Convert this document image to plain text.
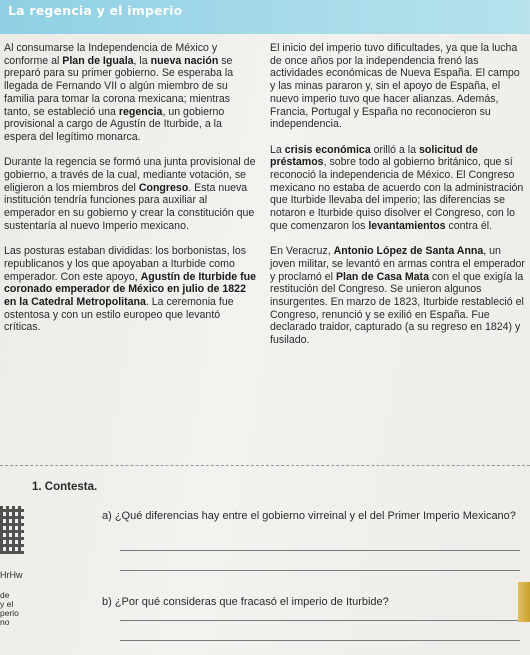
La regencia y el imperio

Al consumarse la Independencia de México y conforme al Plan de Iguala, la nueva nación se preparó para su primer gobierno. Se esperaba la llegada de Fernando VII o algún miembro de su familia para tomar la corona mexicana; mientras tanto, se estableció una regencia, un gobierno provisional a cargo de Agustín de Iturbide, a la espera del legítimo monarca.

Durante la regencia se formó una junta provisional de gobierno, a través de la cual, mediante votación, se eligieron a los miembros del Congreso. Esta nueva institución tendría funciones para auxiliar al emperador en su gobierno y crear la constitución que sustentaría al nuevo Imperio mexicano.

Las posturas estaban divididas: los borbonistas, los republicanos y los que apoyaban a Iturbide como emperador. Con este apoyo, Agustín de Iturbide fue coronado emperador de México en julio de 1822 en la Catedral Metropolitana. La ceremonia fue ostentosa y con un estilo europeo que levantó críticas.

El inicio del imperio tuvo dificultades, ya que la lucha de once años por la independencia frenó las actividades económicas de Nueva España. El campo y las minas pararon y, sin el apoyo de España, el nuevo imperio tuvo que hacer alianzas. Además, Francia, Portugal y España no reconocieron su independencia.

La crisis económica orilló a la solicitud de préstamos, sobre todo al gobierno británico, que sí reconoció la independencia de México. El Congreso mexicano no estaba de acuerdo con la administración que Iturbide llevaba del imperio; las diferencias se notaron e Iturbide quiso disolver el Congreso, con lo que comenzaron los levantamientos contra él.

En Veracruz, Antonio López de Santa Anna, un joven militar, se levantó en armas contra el emperador y proclamó el Plan de Casa Mata con el que exigía la restitución del Congreso. Se unieron algunos insurgentes. En marzo de 1823, Iturbide restableció el Congreso, renunció y se exilió en España. Fue declarado traidor, capturado (a su regreso en 1824) y fusilado.

1. Contesta.
a) ¿Qué diferencias hay entre el gobierno virreinal y el del Primer Imperio Mexicano?
b) ¿Por qué consideras que fracasó el imperio de Iturbide?
HrHw
de
y el
perio
no
